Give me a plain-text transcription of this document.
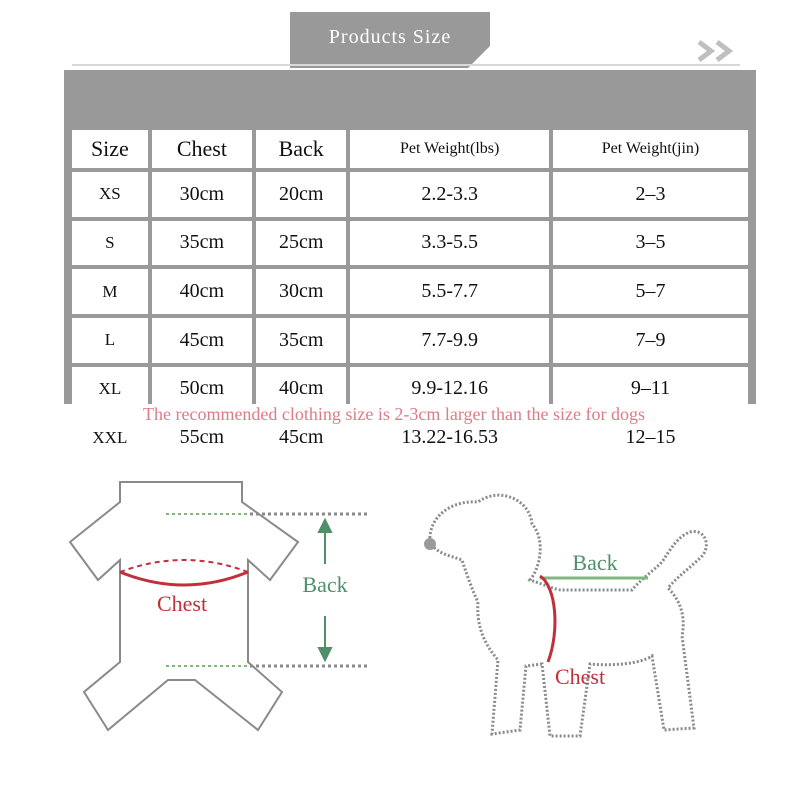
Products Size
Size	Chest	Back	Pet Weight(lbs)	Pet Weight(jin)
XS	30cm	20cm	2.2-3.3	2–3
S	35cm	25cm	3.3-5.5	3–5
M	40cm	30cm	5.5-7.7	5–7
L	45cm	35cm	7.7-9.9	7–9
XL	50cm	40cm	9.9-12.16	9–11
XXL	55cm	45cm	13.22-16.53	12–15
The recommended clothing size is 2-3cm larger than the size for dogs
Chest
Back
Back
Chest
